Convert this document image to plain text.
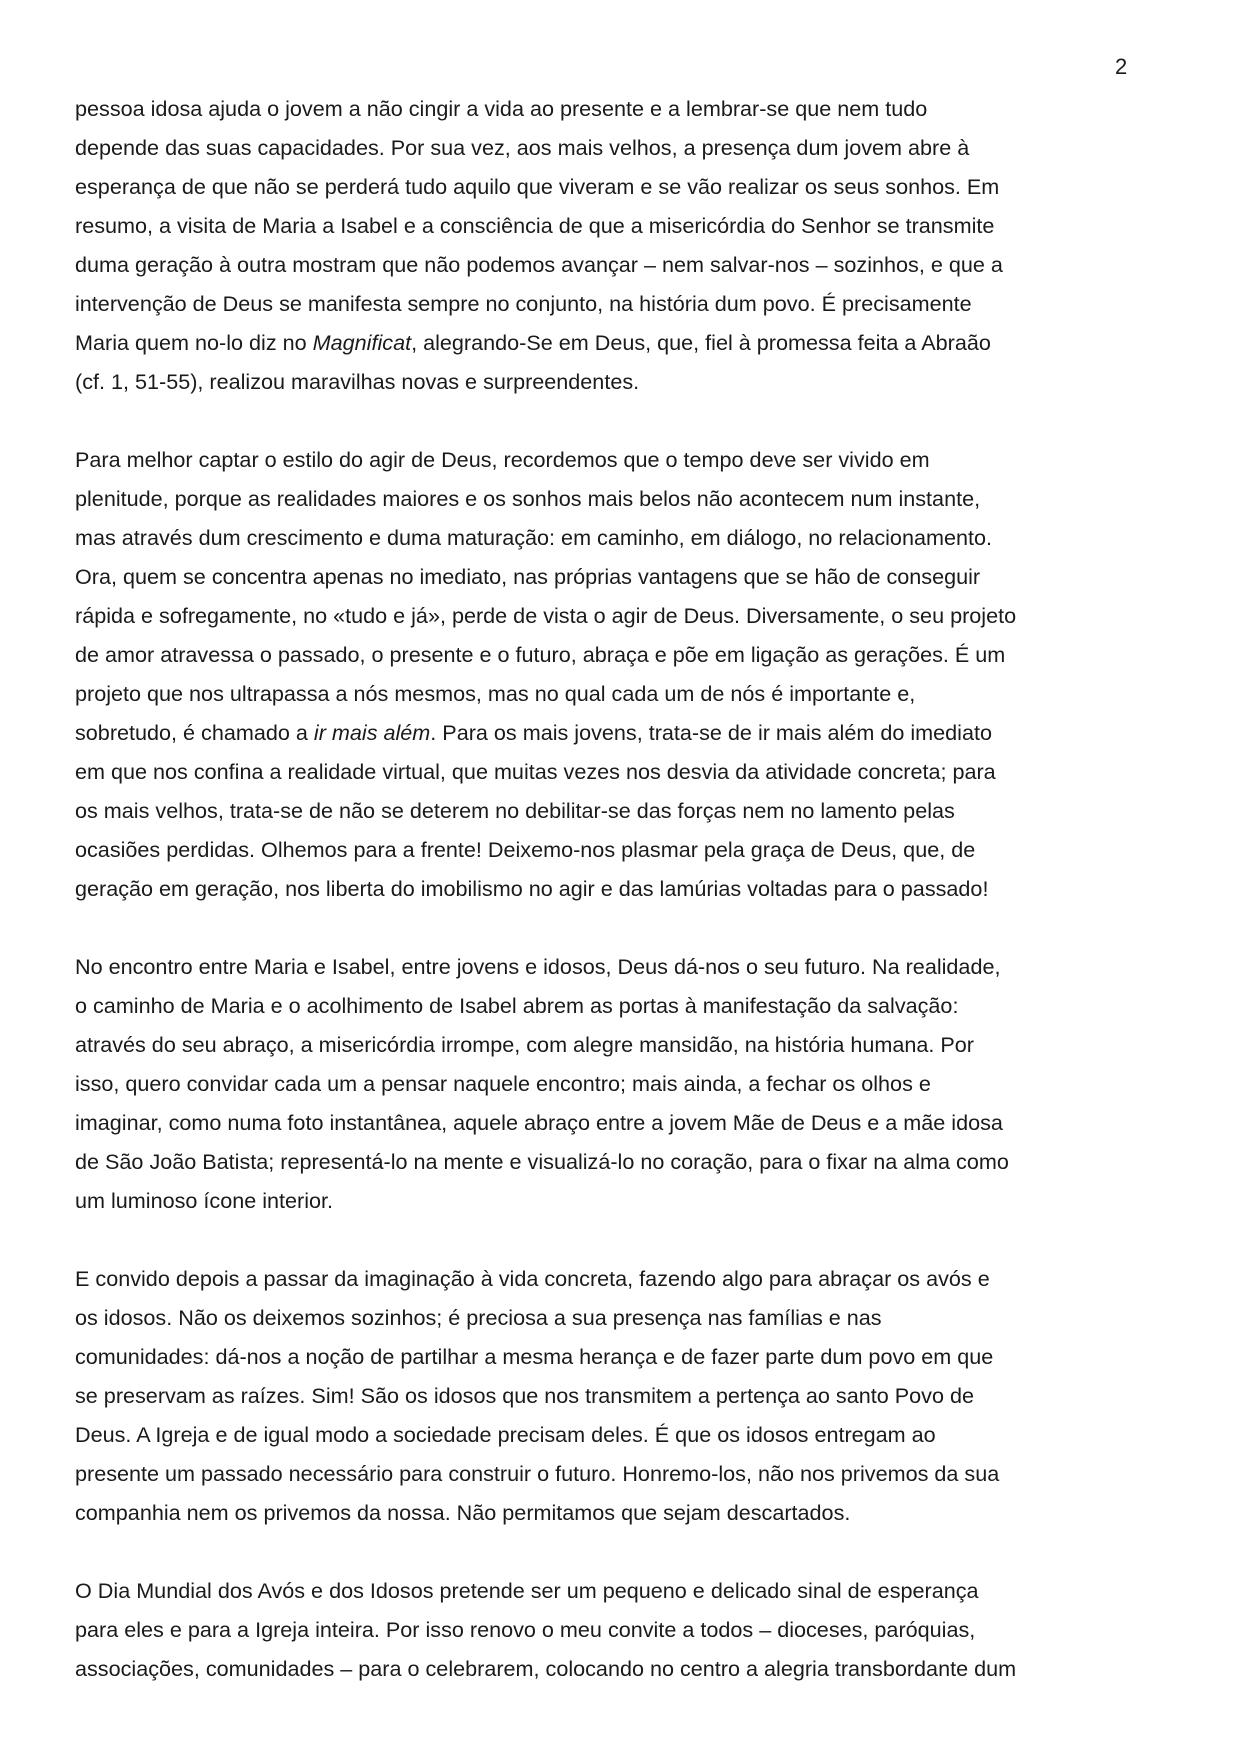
2
pessoa idosa ajuda o jovem a não cingir a vida ao presente e a lembrar-se que nem tudo
depende das suas capacidades. Por sua vez, aos mais velhos, a presença dum jovem abre à
esperança de que não se perderá tudo aquilo que viveram e se vão realizar os seus sonhos. Em
resumo, a visita de Maria a Isabel e a consciência de que a misericórdia do Senhor se transmite
duma geração à outra mostram que não podemos avançar – nem salvar-nos – sozinhos, e que a
intervenção de Deus se manifesta sempre no conjunto, na história dum povo. É precisamente
Maria quem no-lo diz no Magnificat, alegrando-Se em Deus, que, fiel à promessa feita a Abraão
(cf. 1, 51-55), realizou maravilhas novas e surpreendentes.
Para melhor captar o estilo do agir de Deus, recordemos que o tempo deve ser vivido em
plenitude, porque as realidades maiores e os sonhos mais belos não acontecem num instante,
mas através dum crescimento e duma maturação: em caminho, em diálogo, no relacionamento.
Ora, quem se concentra apenas no imediato, nas próprias vantagens que se hão de conseguir
rápida e sofregamente, no «tudo e já», perde de vista o agir de Deus. Diversamente, o seu projeto
de amor atravessa o passado, o presente e o futuro, abraça e põe em ligação as gerações. É um
projeto que nos ultrapassa a nós mesmos, mas no qual cada um de nós é importante e,
sobretudo, é chamado a ir mais além. Para os mais jovens, trata-se de ir mais além do imediato
em que nos confina a realidade virtual, que muitas vezes nos desvia da atividade concreta; para
os mais velhos, trata-se de não se deterem no debilitar-se das forças nem no lamento pelas
ocasiões perdidas. Olhemos para a frente! Deixemo-nos plasmar pela graça de Deus, que, de
geração em geração, nos liberta do imobilismo no agir e das lamúrias voltadas para o passado!
No encontro entre Maria e Isabel, entre jovens e idosos, Deus dá-nos o seu futuro. Na realidade,
o caminho de Maria e o acolhimento de Isabel abrem as portas à manifestação da salvação:
através do seu abraço, a misericórdia irrompe, com alegre mansidão, na história humana. Por
isso, quero convidar cada um a pensar naquele encontro; mais ainda, a fechar os olhos e
imaginar, como numa foto instantânea, aquele abraço entre a jovem Mãe de Deus e a mãe idosa
de São João Batista; representá-lo na mente e visualizá-lo no coração, para o fixar na alma como
um luminoso ícone interior.
E convido depois a passar da imaginação à vida concreta, fazendo algo para abraçar os avós e
os idosos. Não os deixemos sozinhos; é preciosa a sua presença nas famílias e nas
comunidades: dá-nos a noção de partilhar a mesma herança e de fazer parte dum povo em que
se preservam as raízes. Sim! São os idosos que nos transmitem a pertença ao santo Povo de
Deus. A Igreja e de igual modo a sociedade precisam deles. É que os idosos entregam ao
presente um passado necessário para construir o futuro. Honremo-los, não nos privemos da sua
companhia nem os privemos da nossa. Não permitamos que sejam descartados.
O Dia Mundial dos Avós e dos Idosos pretende ser um pequeno e delicado sinal de esperança
para eles e para a Igreja inteira. Por isso renovo o meu convite a todos – dioceses, paróquias,
associações, comunidades – para o celebrarem, colocando no centro a alegria transbordante dum
